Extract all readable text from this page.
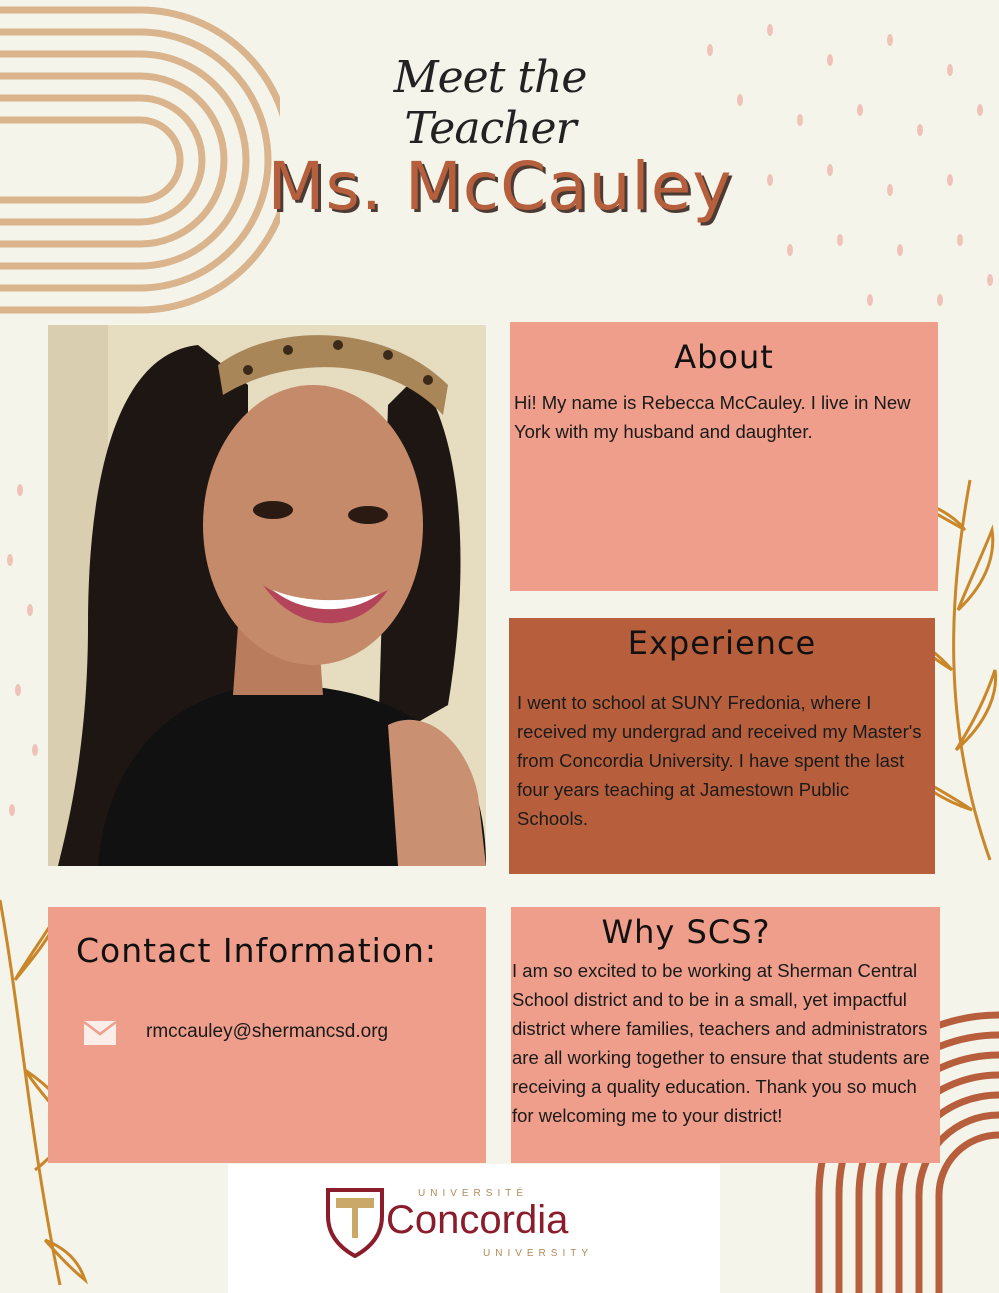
Meet the Teacher
Ms. McCauley
About

Hi! My name is Rebecca McCauley. I live in New York with my husband and daughter.

Experience

I went to school at SUNY Fredonia, where I received my undergrad and received my Master's from Concordia University. I have spent the last four years teaching at Jamestown Public Schools.

Contact Information:
rmccauley@shermancsd.org
Why SCS?

I am so excited to be working at Sherman Central School district and to be in a small, yet impactful district where families, teachers and administrators are all working together to ensure that students are receiving a quality education. Thank you so much for welcoming me to your district!

UNIVERSITÉ
Concordia
UNIVERSITY
